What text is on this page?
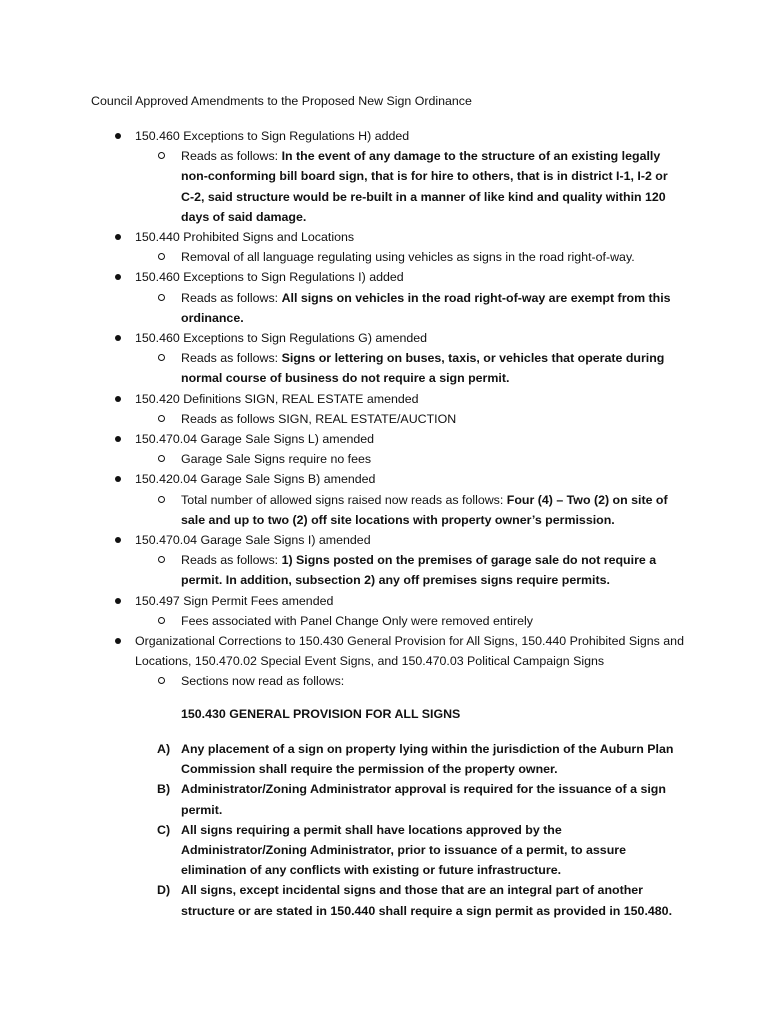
Council Approved Amendments to the Proposed New Sign Ordinance
150.460 Exceptions to Sign Regulations H) added
Reads as follows: In the event of any damage to the structure of an existing legally non-conforming bill board sign, that is for hire to others, that is in district I-1, I-2 or C-2, said structure would be re-built in a manner of like kind and quality within 120 days of said damage.
150.440 Prohibited Signs and Locations
Removal of all language regulating using vehicles as signs in the road right-of-way.
150.460 Exceptions to Sign Regulations I) added
Reads as follows: All signs on vehicles in the road right-of-way are exempt from this ordinance.
150.460 Exceptions to Sign Regulations G) amended
Reads as follows: Signs or lettering on buses, taxis, or vehicles that operate during normal course of business do not require a sign permit.
150.420 Definitions SIGN, REAL ESTATE amended
Reads as follows SIGN, REAL ESTATE/AUCTION
150.470.04 Garage Sale Signs L) amended
Garage Sale Signs require no fees
150.420.04 Garage Sale Signs B) amended
Total number of allowed signs raised now reads as follows: Four (4) – Two (2) on site of sale and up to two (2) off site locations with property owner’s permission.
150.470.04 Garage Sale Signs I) amended
Reads as follows: 1) Signs posted on the premises of garage sale do not require a permit. In addition, subsection 2) any off premises signs require permits.
150.497 Sign Permit Fees amended
Fees associated with Panel Change Only were removed entirely
Organizational Corrections to 150.430 General Provision for All Signs, 150.440 Prohibited Signs and Locations, 150.470.02 Special Event Signs, and 150.470.03 Political Campaign Signs
Sections now read as follows:
150.430 GENERAL PROVISION FOR ALL SIGNS
A) Any placement of a sign on property lying within the jurisdiction of the Auburn Plan Commission shall require the permission of the property owner.
B) Administrator/Zoning Administrator approval is required for the issuance of a sign permit.
C) All signs requiring a permit shall have locations approved by the Administrator/Zoning Administrator, prior to issuance of a permit, to assure elimination of any conflicts with existing or future infrastructure.
D) All signs, except incidental signs and those that are an integral part of another structure or are stated in 150.440 shall require a sign permit as provided in 150.480.
